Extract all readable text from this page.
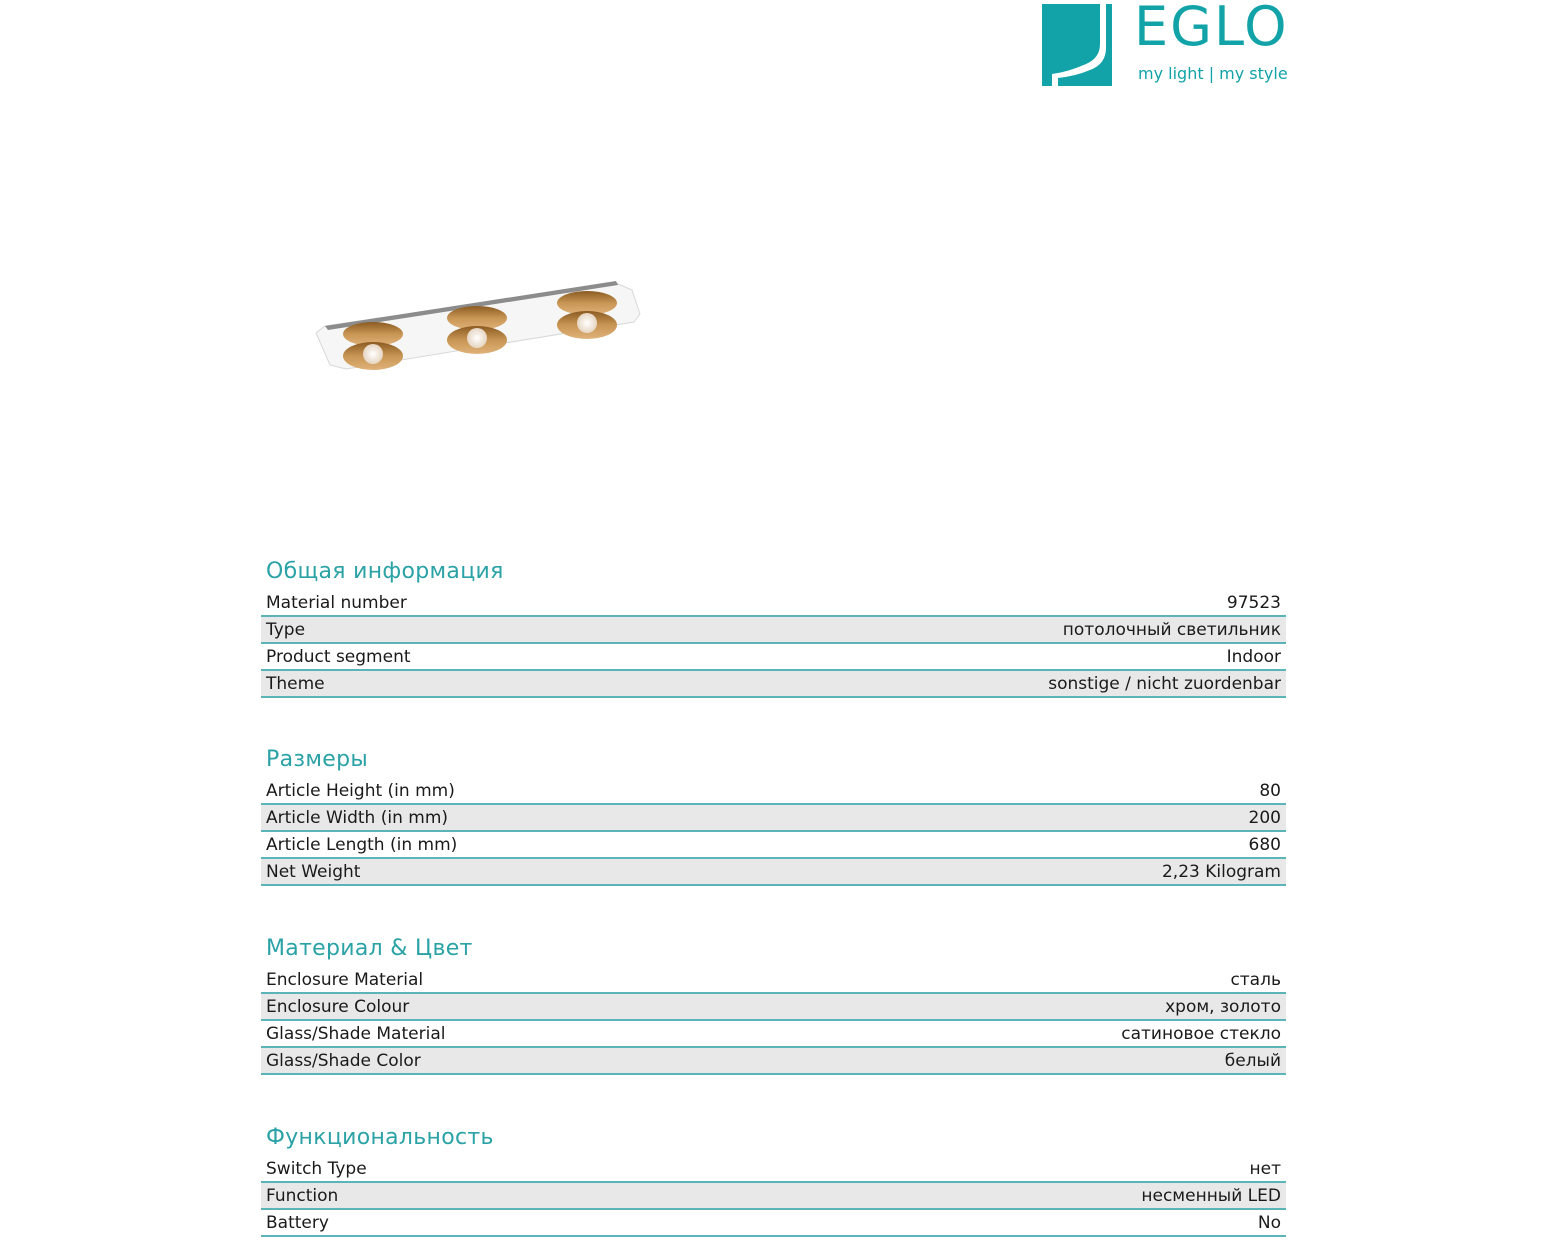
EGLO
my light | my style
Общая информация
Material number	97523
Type	потолочный светильник
Product segment	Indoor
Theme	sonstige / nicht zuordenbar
Размеры
Article Height (in mm)	80
Article Width (in mm)	200
Article Length (in mm)	680
Net Weight	2,23 Kilogram
Материал & Цвет
Enclosure Material	сталь
Enclosure Colour	хром, золото
Glass/Shade Material	сатиновое стекло
Glass/Shade Color	белый
Функциональность
Switch Type	нет
Function	несменный LED
Battery	No
